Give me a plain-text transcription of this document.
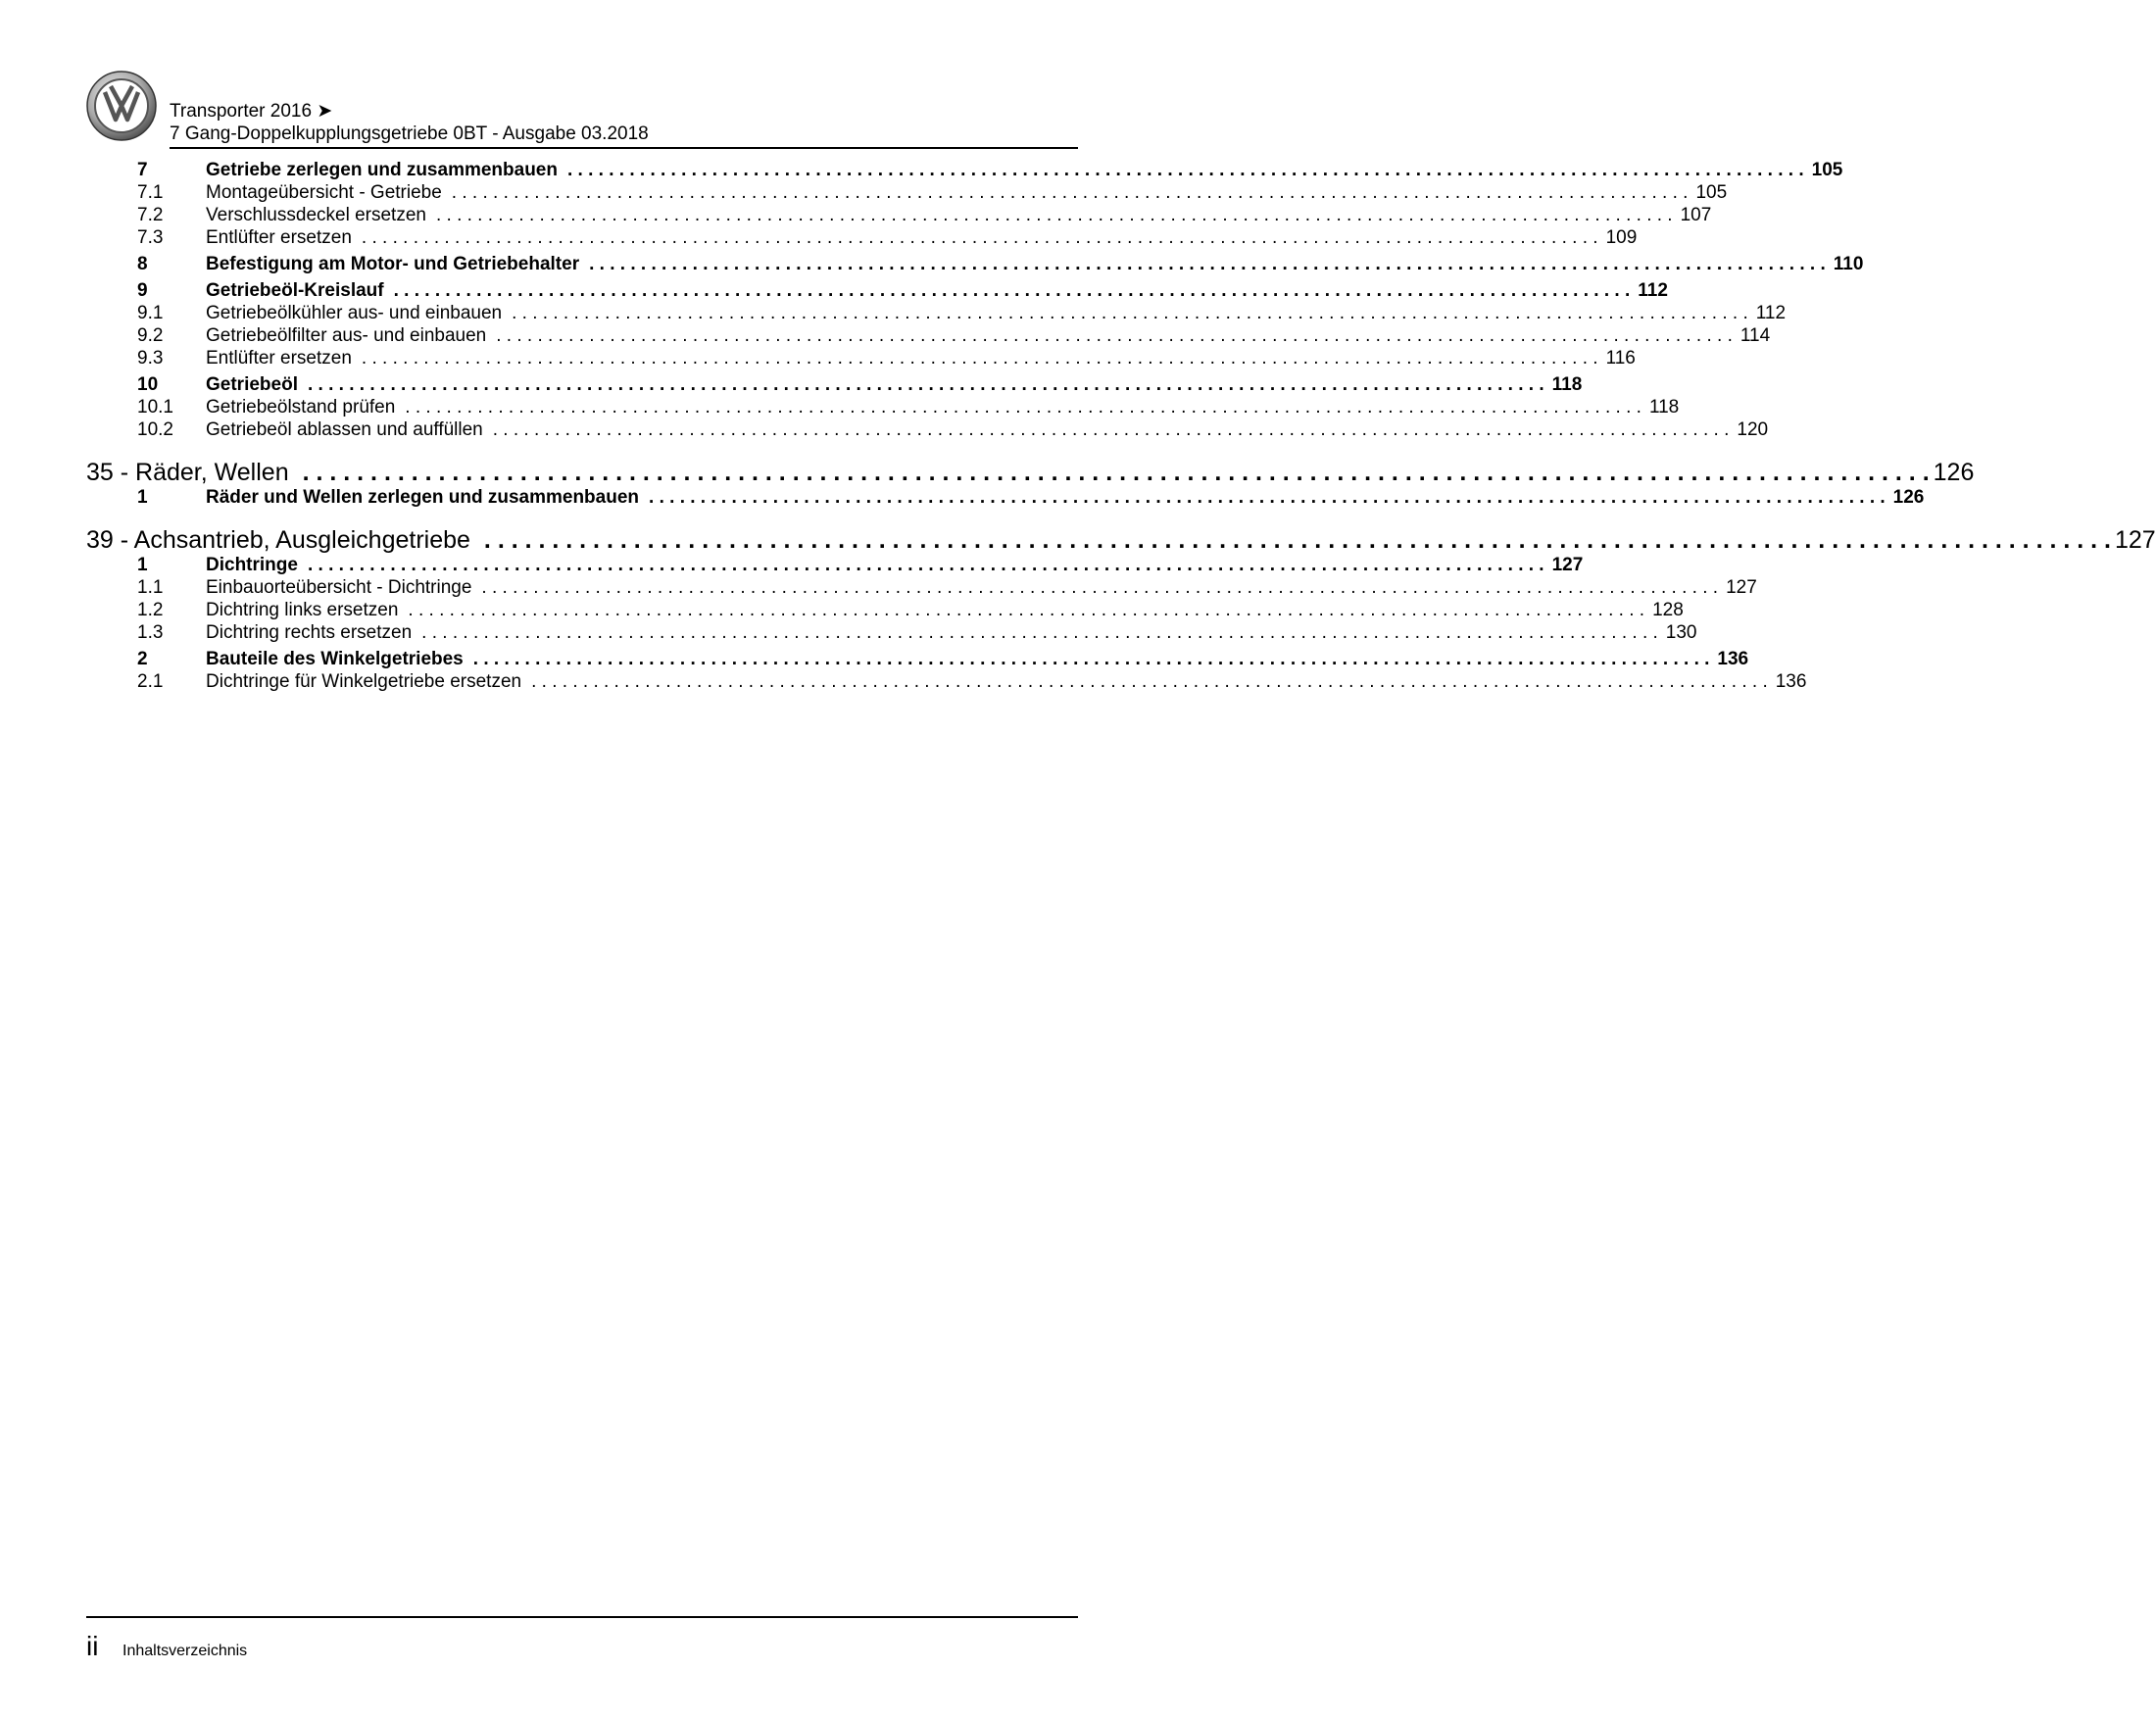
Transporter 2016 ➤
7 Gang-Doppelkupplungsgetriebe 0BT - Ausgabe 03.2018
7	Getriebe zerlegen und zusammenbauen . . . . . . . . . . . . . . . . . . . . . . . . . . . . . . . . . . . . . . . . . . . . . . . . . . . . . . . . . . . . . . . . . . . . . . . . . . . . . . . . . . . . . . . . . . . . . . . . . . . . . . . . . . . . . . . . . . . . . . . . 105
7.1	Montageübersicht - Getriebe . . . . . . . . . . . . . . . . . . . . . . . . . . . . . . . . . . . . . . . . . . . . . . . . . . . . . . . . . . . . . . . . . . . . . . . . . . . . . . . . . . . . . . . . . . . . . . . . . . . . . . . . . . . . . . . . . . . . . . . . 105
7.2	Verschlussdeckel ersetzen . . . . . . . . . . . . . . . . . . . . . . . . . . . . . . . . . . . . . . . . . . . . . . . . . . . . . . . . . . . . . . . . . . . . . . . . . . . . . . . . . . . . . . . . . . . . . . . . . . . . . . . . . . . . . . . . . . . . . . . . 107
7.3	Entlüfter ersetzen . . . . . . . . . . . . . . . . . . . . . . . . . . . . . . . . . . . . . . . . . . . . . . . . . . . . . . . . . . . . . . . . . . . . . . . . . . . . . . . . . . . . . . . . . . . . . . . . . . . . . . . . . . . . . . . . . . . . . . . . 109
8	Befestigung am Motor- und Getriebehalter . . . . . . . . . . . . . . . . . . . . . . . . . . . . . . . . . . . . . . . . . . . . . . . . . . . . . . . . . . . . . . . . . . . . . . . . . . . . . . . . . . . . . . . . . . . . . . . . . . . . . . . . . . . . . . . . . . . . . . . . 110
9	Getriebeöl-Kreislauf . . . . . . . . . . . . . . . . . . . . . . . . . . . . . . . . . . . . . . . . . . . . . . . . . . . . . . . . . . . . . . . . . . . . . . . . . . . . . . . . . . . . . . . . . . . . . . . . . . . . . . . . . . . . . . . . . . . . . . . . 112
9.1	Getriebeölkühler aus- und einbauen . . . . . . . . . . . . . . . . . . . . . . . . . . . . . . . . . . . . . . . . . . . . . . . . . . . . . . . . . . . . . . . . . . . . . . . . . . . . . . . . . . . . . . . . . . . . . . . . . . . . . . . . . . . . . . . . . . . . . . . . 112
9.2	Getriebeölfilter aus- und einbauen . . . . . . . . . . . . . . . . . . . . . . . . . . . . . . . . . . . . . . . . . . . . . . . . . . . . . . . . . . . . . . . . . . . . . . . . . . . . . . . . . . . . . . . . . . . . . . . . . . . . . . . . . . . . . . . . . . . . . . . . 114
9.3	Entlüfter ersetzen . . . . . . . . . . . . . . . . . . . . . . . . . . . . . . . . . . . . . . . . . . . . . . . . . . . . . . . . . . . . . . . . . . . . . . . . . . . . . . . . . . . . . . . . . . . . . . . . . . . . . . . . . . . . . . . . . . . . . . . . 116
10	Getriebeöl . . . . . . . . . . . . . . . . . . . . . . . . . . . . . . . . . . . . . . . . . . . . . . . . . . . . . . . . . . . . . . . . . . . . . . . . . . . . . . . . . . . . . . . . . . . . . . . . . . . . . . . . . . . . . . . . . . . . . . . . 118
10.1	Getriebeölstand prüfen . . . . . . . . . . . . . . . . . . . . . . . . . . . . . . . . . . . . . . . . . . . . . . . . . . . . . . . . . . . . . . . . . . . . . . . . . . . . . . . . . . . . . . . . . . . . . . . . . . . . . . . . . . . . . . . . . . . . . . . . 118
10.2	Getriebeöl ablassen und auffüllen . . . . . . . . . . . . . . . . . . . . . . . . . . . . . . . . . . . . . . . . . . . . . . . . . . . . . . . . . . . . . . . . . . . . . . . . . . . . . . . . . . . . . . . . . . . . . . . . . . . . . . . . . . . . . . . . . . . . . . . . 120
35 - Räder, Wellen . . . . . . . . . . . . . . . . . . . . . . . . . . . . . . . . . . . . . . . . . . . . . . . . . . . . . . . . . . . . . . . . . . . . . . . . . . . . . . . . . . . . . . . . . . . . . . . . . . . . . . . . . . . . . . . . . . . . . . . . 126
1	Räder und Wellen zerlegen und zusammenbauen . . . . . . . . . . . . . . . . . . . . . . . . . . . . . . . . . . . . . . . . . . . . . . . . . . . . . . . . . . . . . . . . . . . . . . . . . . . . . . . . . . . . . . . . . . . . . . . . . . . . . . . . . . . . . . . . . . . . . . . . 126
39 - Achsantrieb, Ausgleichgetriebe . . . . . . . . . . . . . . . . . . . . . . . . . . . . . . . . . . . . . . . . . . . . . . . . . . . . . . . . . . . . . . . . . . . . . . . . . . . . . . . . . . . . . . . . . . . . . . . . . . . . . . . . . . . . . . . . . . . . . . . . 127
1	Dichtringe . . . . . . . . . . . . . . . . . . . . . . . . . . . . . . . . . . . . . . . . . . . . . . . . . . . . . . . . . . . . . . . . . . . . . . . . . . . . . . . . . . . . . . . . . . . . . . . . . . . . . . . . . . . . . . . . . . . . . . . . 127
1.1	Einbauorteübersicht - Dichtringe . . . . . . . . . . . . . . . . . . . . . . . . . . . . . . . . . . . . . . . . . . . . . . . . . . . . . . . . . . . . . . . . . . . . . . . . . . . . . . . . . . . . . . . . . . . . . . . . . . . . . . . . . . . . . . . . . . . . . . . . 127
1.2	Dichtring links ersetzen . . . . . . . . . . . . . . . . . . . . . . . . . . . . . . . . . . . . . . . . . . . . . . . . . . . . . . . . . . . . . . . . . . . . . . . . . . . . . . . . . . . . . . . . . . . . . . . . . . . . . . . . . . . . . . . . . . . . . . . . 128
1.3	Dichtring rechts ersetzen . . . . . . . . . . . . . . . . . . . . . . . . . . . . . . . . . . . . . . . . . . . . . . . . . . . . . . . . . . . . . . . . . . . . . . . . . . . . . . . . . . . . . . . . . . . . . . . . . . . . . . . . . . . . . . . . . . . . . . . . 130
2	Bauteile des Winkelgetriebes . . . . . . . . . . . . . . . . . . . . . . . . . . . . . . . . . . . . . . . . . . . . . . . . . . . . . . . . . . . . . . . . . . . . . . . . . . . . . . . . . . . . . . . . . . . . . . . . . . . . . . . . . . . . . . . . . . . . . . . . 136
2.1	Dichtringe für Winkelgetriebe ersetzen . . . . . . . . . . . . . . . . . . . . . . . . . . . . . . . . . . . . . . . . . . . . . . . . . . . . . . . . . . . . . . . . . . . . . . . . . . . . . . . . . . . . . . . . . . . . . . . . . . . . . . . . . . . . . . . . . . . . . . . . 136
ii Inhaltsverzeichnis
